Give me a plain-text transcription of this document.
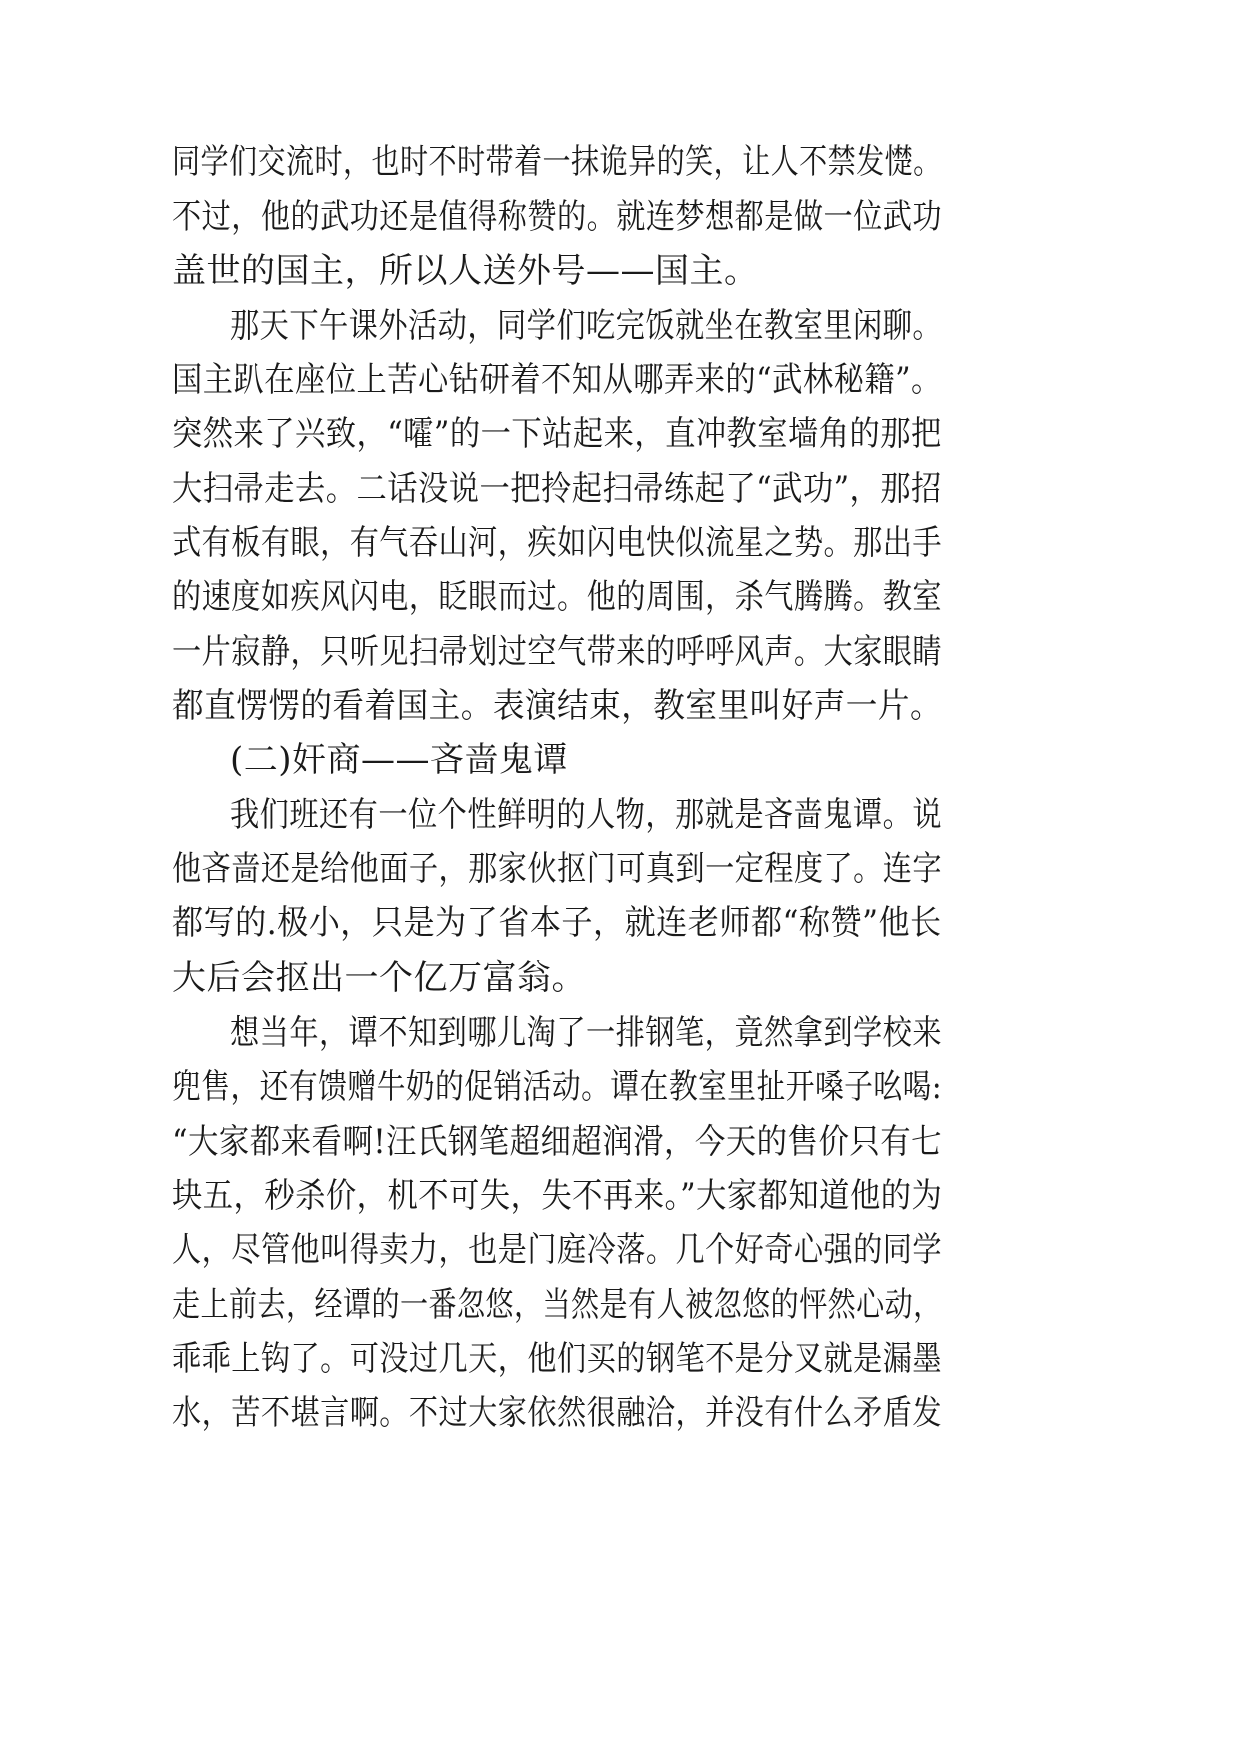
同学们交流时，也时不时带着一抹诡异的笑，让人不禁发憷。
不过，他的武功还是值得称赞的。就连梦想都是做一位武功
盖世的国主，所以人送外号——国主。
那天下午课外活动，同学们吃完饭就坐在教室里闲聊。
国主趴在座位上苦心钻研着不知从哪弄来的“武林秘籍”。
突然来了兴致，“嚯”的一下站起来，直冲教室墙角的那把
大扫帚走去。二话没说一把拎起扫帚练起了“武功”，那招
式有板有眼，有气吞山河，疾如闪电快似流星之势。那出手
的速度如疾风闪电，眨眼而过。他的周围，杀气腾腾。教室
一片寂静，只听见扫帚划过空气带来的呼呼风声。大家眼睛
都直愣愣的看着国主。表演结束，教室里叫好声一片。
(二)奸商——吝啬鬼谭
我们班还有一位个性鲜明的人物，那就是吝啬鬼谭。说
他吝啬还是给他面子，那家伙抠门可真到一定程度了。连字
都写的.极小，只是为了省本子，就连老师都“称赞”他长
大后会抠出一个亿万富翁。
想当年，谭不知到哪儿淘了一排钢笔，竟然拿到学校来
兜售，还有馈赠牛奶的促销活动。谭在教室里扯开嗓子吆喝:
“大家都来看啊!汪氏钢笔超细超润滑，今天的售价只有七
块五，秒杀价，机不可失，失不再来。”大家都知道他的为
人，尽管他叫得卖力，也是门庭冷落。几个好奇心强的同学
走上前去，经谭的一番忽悠，当然是有人被忽悠的怦然心动，
乖乖上钩了。可没过几天，他们买的钢笔不是分叉就是漏墨
水，苦不堪言啊。不过大家依然很融洽，并没有什么矛盾发
